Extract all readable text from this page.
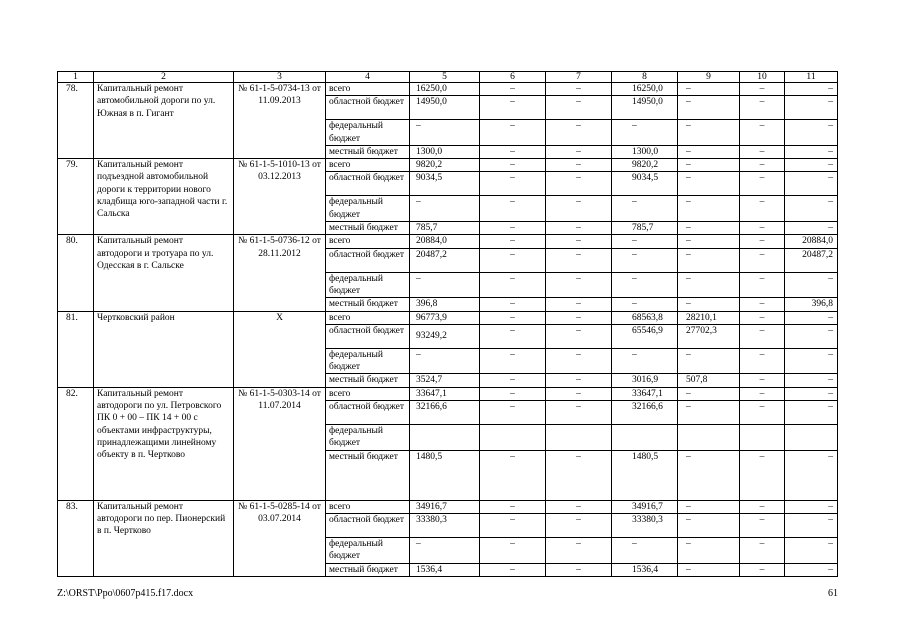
1	2	3	4	5	6	7	8	9	10	11
78.	Капитальный ремонт автомобильной дороги по ул. Южная в п. Гигант	№ 61-1-5-0734-13 от 11.09.2013	всего	16250,0	–	–	16250,0	–	–	–
			областной бюджет	14950,0	–	–	14950,0	–	–	–
			федеральный бюджет	–	–	–	–	–	–	–
			местный бюджет	1300,0	–	–	1300,0	–	–	–
79.	Капитальный ремонт подъездной автомобильной дороги к территории нового кладбища юго-западной части г. Сальска	№ 61-1-5-1010-13 от 03.12.2013	всего	9820,2	–	–	9820,2	–	–	–
			областной бюджет	9034,5	–	–	9034,5	–	–	–
			федеральный бюджет	–	–	–	–	–	–	–
			местный бюджет	785,7	–	–	785,7	–	–	–
80.	Капитальный ремонт автодороги и тротуара по ул. Одесская в г. Сальске	№ 61-1-5-0736-12 от 28.11.2012	всего	20884,0	–	–	–	–	–	20884,0
			областной бюджет	20487,2	–	–	–	–	–	20487,2
			федеральный бюджет	–	–	–	–	–	–	–
			местный бюджет	396,8	–	–	–	–	–	396,8
81.	Чертковский район	Х	всего	96773,9	–	–	68563,8	28210,1	–	–
			областной бюджет	93249,2	–	–	65546,9	27702,3	–	–
			федеральный бюджет	–	–	–	–	–	–	–
			местный бюджет	3524,7	–	–	3016,9	507,8	–	–
82.	Капитальный ремонт автодороги по ул. Петровского ПК 0 + 00 – ПК 14 + 00 с объектами инфраструктуры, принадлежащими линейному объекту в п. Чертково	№ 61-1-5-0303-14 от 11.07.2014	всего	33647,1	–	–	33647,1	–	–	–
			областной бюджет	32166,6	–	–	32166,6	–	–	–
			федеральный бюджет							
			местный бюджет	1480,5	–	–	1480,5	–	–	–
83.	Капитальный ремонт автодороги по пер. Пионерский в п. Чертково	№ 61-1-5-0285-14 от 03.07.2014	всего	34916,7	–	–	34916,7	–	–	–
			областной бюджет	33380,3	–	–	33380,3	–	–	–
			федеральный бюджет	–	–	–	–	–	–	–
			местный бюджет	1536,4	–	–	1536,4	–	–	–
Z:\ORST\Ppo\0607p415.f17.docx	61
